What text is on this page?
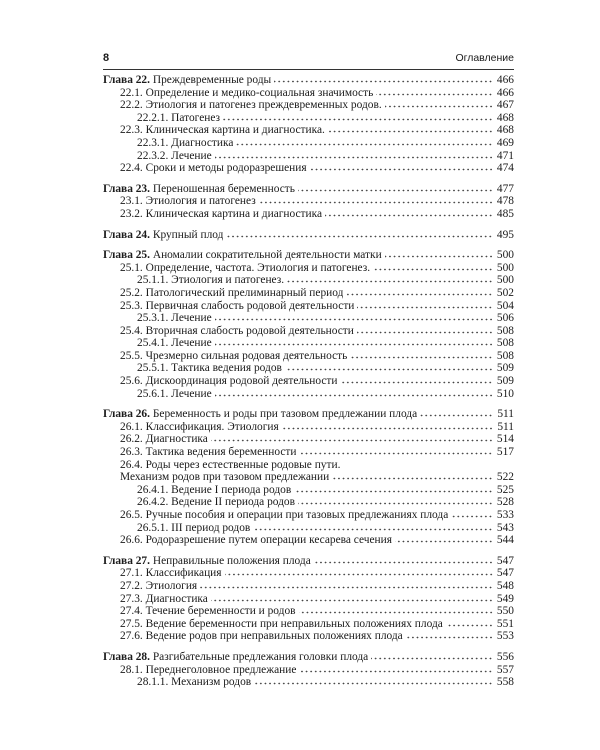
8	Оглавление
Глава 22. Преждевременные роды	466
22.1. Определение и медико-социальная значимость	466
22.2. Этиология и патогенез преждевременных родов.	467
22.2.1. Патогенез	468
22.3. Клиническая картина и диагностика.	468
22.3.1. Диагностика	469
22.3.2. Лечение	471
22.4. Сроки и методы родоразрешения	474
Глава 23. Переношенная беременность	477
23.1. Этиология и патогенез	478
23.2. Клиническая картина и диагностика	485
Глава 24. Крупный плод	495
Глава 25. Аномалии сократительной деятельности матки	500
25.1. Определение, частота. Этиология и патогенез.	500
25.1.1. Этиология и патогенез.	500
25.2. Патологический прелиминарный период	502
25.3. Первичная слабость родовой деятельности	504
25.3.1. Лечение	506
25.4. Вторичная слабость родовой деятельности	508
25.4.1. Лечение	508
25.5. Чрезмерно сильная родовая деятельность	508
25.5.1. Тактика ведения родов	509
25.6. Дискоординация родовой деятельности	509
25.6.1. Лечение	510
Глава 26. Беременность и роды при тазовом предлежании плода	511
26.1. Классификация. Этиология	511
26.2. Диагностика	514
26.3. Тактика ведения беременности	517
26.4. Роды через естественные родовые пути.
Механизм родов при тазовом предлежании	522
26.4.1. Ведение I периода родов	525
26.4.2. Ведение II периода родов	528
26.5. Ручные пособия и операции при тазовых предлежаниях плода	533
26.5.1. III период родов	543
26.6. Родоразрешение путем операции кесарева сечения	544
Глава 27. Неправильные положения плода	547
27.1. Классификация	547
27.2. Этиология	548
27.3. Диагностика	549
27.4. Течение беременности и родов	550
27.5. Ведение беременности при неправильных положениях плода	551
27.6. Ведение родов при неправильных положениях плода	553
Глава 28. Разгибательные предлежания головки плода	556
28.1. Переднеголовное предлежание	557
28.1.1. Механизм родов	558
